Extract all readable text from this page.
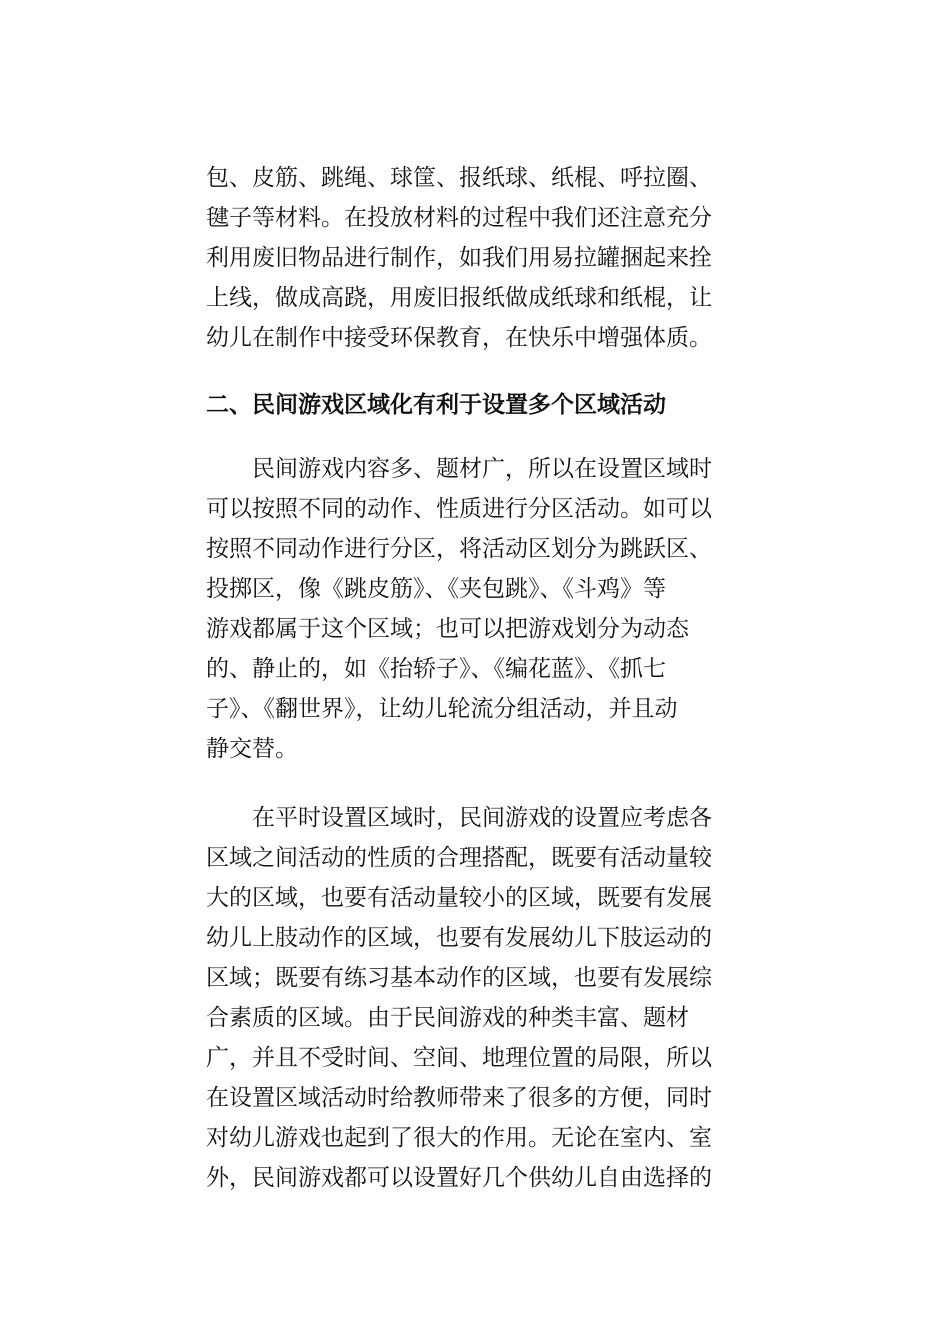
包、皮筋、跳绳、球筐、报纸球、纸棍、呼拉圈、
毽子等材料。在投放材料的过程中我们还注意充分
利用废旧物品进行制作，如我们用易拉罐捆起来拴
上线，做成高跷，用废旧报纸做成纸球和纸棍，让
幼儿在制作中接受环保教育，在快乐中增强体质。
二、民间游戏区域化有利于设置多个区域活动
民间游戏内容多、题材广，所以在设置区域时
可以按照不同的动作、性质进行分区活动。如可以
按照不同动作进行分区，将活动区划分为跳跃区、
投掷区，像《跳皮筋》、《夹包跳》、《斗鸡》等
游戏都属于这个区域；也可以把游戏划分为动态
的、静止的，如《抬轿子》、《编花蓝》、《抓七
子》、《翻世界》，让幼儿轮流分组活动，并且动
静交替。
在平时设置区域时，民间游戏的设置应考虑各
区域之间活动的性质的合理搭配，既要有活动量较
大的区域，也要有活动量较小的区域，既要有发展
幼儿上肢动作的区域，也要有发展幼儿下肢运动的
区域；既要有练习基本动作的区域，也要有发展综
合素质的区域。由于民间游戏的种类丰富、题材
广，并且不受时间、空间、地理位置的局限，所以
在设置区域活动时给教师带来了很多的方便，同时
对幼儿游戏也起到了很大的作用。无论在室内、室
外，民间游戏都可以设置好几个供幼儿自由选择的
